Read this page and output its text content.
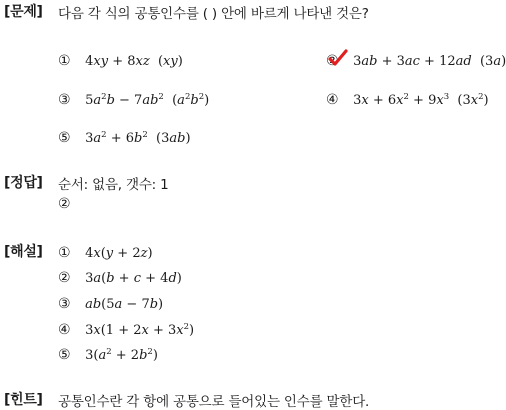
[문제] 다음 각 식의 공통인수를 ( ) 안에 바르게 나타낸 것은?
① 4xy + 8xz  (xy)	② 3ab + 3ac + 12ad  (3a)
③ $5a^2b - 7ab^2$  $(a^2b^2)$	④ $3x + 6x^2 + 9x^3$  $(3x^2)$
⑤ $3a^2 + 6b^2$  (3ab)
[정답] 순서: 없음, 갯수: 1
②
[해설] ① 4x(y + 2z)
② 3a(b + c + 4d)
③ ab(5a − 7b)
④ $3x(1 + 2x + 3x^2)$
⑤ $3(a^2 + 2b^2)$
[힌트] 공통인수란 각 항에 공통으로 들어있는 인수를 말한다.
